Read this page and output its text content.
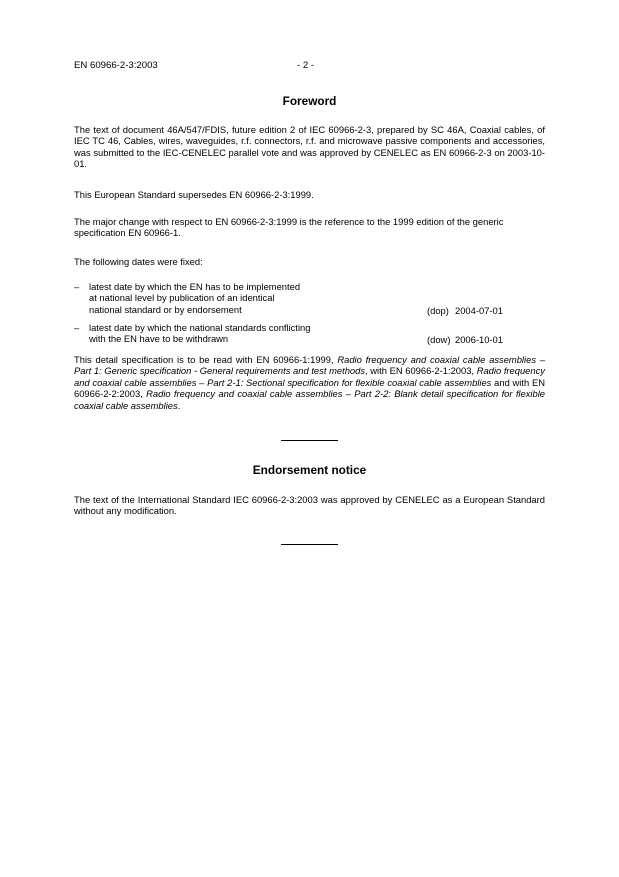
EN 60966-2-3:2003	- 2 -
Foreword
The text of document 46A/547/FDIS, future edition 2 of IEC 60966-2-3, prepared by SC 46A, Coaxial cables, of IEC TC 46, Cables, wires, waveguides, r.f. connectors, r.f. and microwave passive components and accessories, was submitted to the IEC-CENELEC parallel vote and was approved by CENELEC as EN 60966-2-3 on 2003-10-01.
This European Standard supersedes EN 60966-2-3:1999.
The major change with respect to EN 60966-2-3:1999 is the reference to the 1999 edition of the generic specification EN 60966-1.
The following dates were fixed:
– latest date by which the EN has to be implemented
at national level by publication of an identical
national standard or by endorsement	(dop) 2004-07-01
– latest date by which the national standards conflicting
with the EN have to be withdrawn	(dow) 2006-10-01
This detail specification is to be read with EN 60966-1:1999, Radio frequency and coaxial cable assemblies – Part 1: Generic specification - General requirements and test methods, with EN 60966-2-1:2003, Radio frequency and coaxial cable assemblies – Part 2-1: Sectional specification for flexible coaxial cable assemblies and with EN 60966-2-2:2003, Radio frequency and coaxial cable assemblies – Part 2-2: Blank detail specification for flexible coaxial cable assemblies.
Endorsement notice
The text of the International Standard IEC 60966-2-3:2003 was approved by CENELEC as a European Standard without any modification.
